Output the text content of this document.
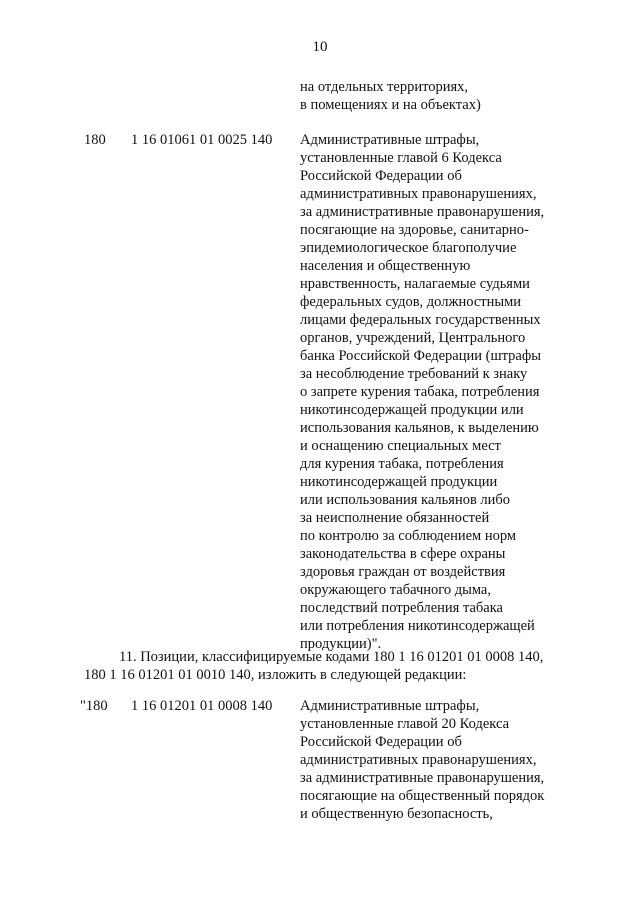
10
на отдельных территориях,
в помещениях и на объектах)
180 1 16 01061 01 0025 140 Административные штрафы,
установленные главой 6 Кодекса
Российской Федерации об
административных правонарушениях,
за административные правонарушения,
посягающие на здоровье, санитарно-
эпидемиологическое благополучие
населения и общественную
нравственность, налагаемые судьями
федеральных судов, должностными
лицами федеральных государственных
органов, учреждений, Центрального
банка Российской Федерации (штрафы
за несоблюдение требований к знаку
о запрете курения табака, потребления
никотинсодержащей продукции или
использования кальянов, к выделению
и оснащению специальных мест
для курения табака, потребления
никотинсодержащей продукции
или использования кальянов либо
за неисполнение обязанностей
по контролю за соблюдением норм
законодательства в сфере охраны
здоровья граждан от воздействия
окружающего табачного дыма,
последствий потребления табака
или потребления никотинсодержащей
продукции)".
11. Позиции, классифицируемые кодами 180 1 16 01201 01 0008 140,
180 1 16 01201 01 0010 140, изложить в следующей редакции:
"180 1 16 01201 01 0008 140 Административные штрафы,
установленные главой 20 Кодекса
Российской Федерации об
административных правонарушениях,
за административные правонарушения,
посягающие на общественный порядок
и общественную безопасность,
